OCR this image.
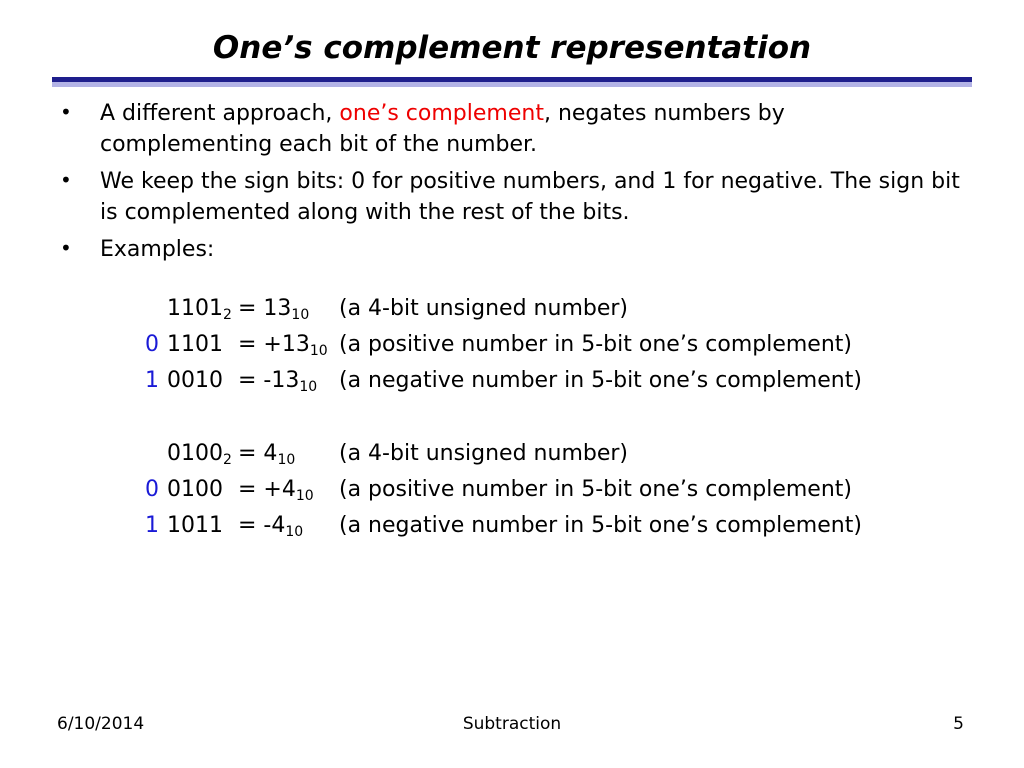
One’s complement representation
• A different approach, one’s complement, negates numbers by complementing each bit of the number.
• We keep the sign bits: 0 for positive numbers, and 1 for negative. The sign bit is complemented along with the rest of the bits.
• Examples:
$1101_2 = 13_{10}$ (a 4-bit unsigned number)
0 $1101 = +13_{10}$ (a positive number in 5-bit one’s complement)
1 $0010 = -13_{10}$ (a negative number in 5-bit one’s complement)
$0100_2 = 4_{10}$ (a 4-bit unsigned number)
0 $0100 = +4_{10}$ (a positive number in 5-bit one’s complement)
1 $1011 = -4_{10}$ (a negative number in 5-bit one’s complement)
6/10/2014	Subtraction	5
